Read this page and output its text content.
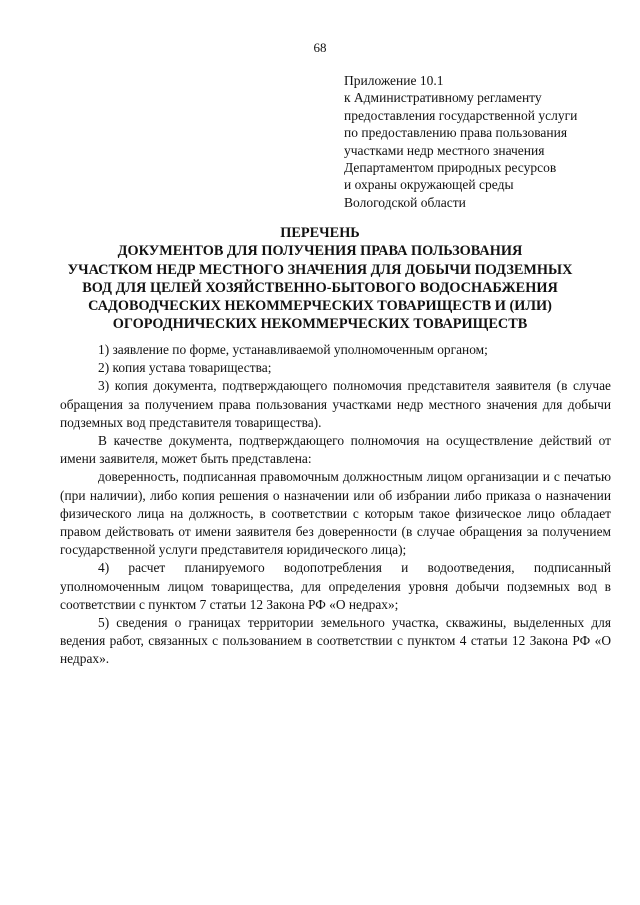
68
Приложение 10.1
к Административному регламенту
предоставления государственной услуги
по предоставлению права пользования
участками недр местного значения
Департаментом природных ресурсов
и охраны окружающей среды
Вологодской области
ПЕРЕЧЕНЬ
ДОКУМЕНТОВ ДЛЯ ПОЛУЧЕНИЯ ПРАВА ПОЛЬЗОВАНИЯ
УЧАСТКОМ НЕДР МЕСТНОГО ЗНАЧЕНИЯ ДЛЯ ДОБЫЧИ ПОДЗЕМНЫХ
ВОД ДЛЯ ЦЕЛЕЙ ХОЗЯЙСТВЕННО-БЫТОВОГО ВОДОСНАБЖЕНИЯ
САДОВОДЧЕСКИХ НЕКОММЕРЧЕСКИХ ТОВАРИЩЕСТВ И (ИЛИ)
ОГОРОДНИЧЕСКИХ НЕКОММЕРЧЕСКИХ ТОВАРИЩЕСТВ

1) заявление по форме, устанавливаемой уполномоченным органом;

2) копия устава товарищества;

3) копия документа, подтверждающего полномочия представителя заявителя (в случае обращения за получением права пользования участками недр местного значения для добычи подземных вод представителя товарищества).

В качестве документа, подтверждающего полномочия на осуществление действий от имени заявителя, может быть представлена:

доверенность, подписанная правомочным должностным лицом организации и с печатью (при наличии), либо копия решения о назначении или об избрании либо приказа о назначении физического лица на должность, в соответствии с которым такое физическое лицо обладает правом действовать от имени заявителя без доверенности (в случае обращения за получением государственной услуги представителя юридического лица);

4) расчет планируемого водопотребления и водоотведения, подписанный уполномоченным лицом товарищества, для определения уровня добычи подземных вод в соответствии с пунктом 7 статьи 12 Закона РФ «О недрах»;

5) сведения о границах территории земельного участка, скважины, выделенных для ведения работ, связанных с пользованием в соответствии с пунктом 4 статьи 12 Закона РФ «О недрах».
